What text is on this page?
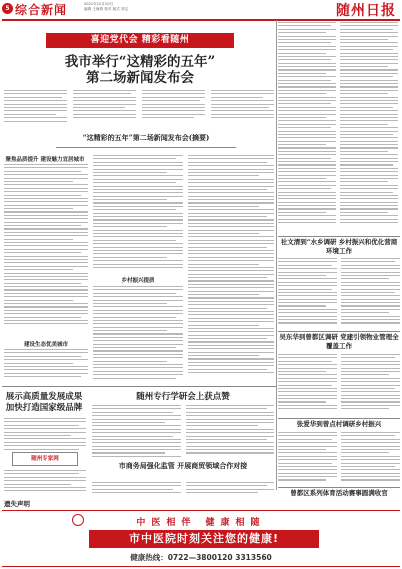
5 综合新闻	2021年12月10日
编辑 王海燕 校对 版式 刘宝	随州日报
喜迎党代会 精彩看随州
我市举行“这精彩的五年”
第二场新闻发布会
“这精彩的五年”第二场新闻发布会(摘要)
聚焦品质提升 建设魅力宜居城市
建设生态优美城市
乡村振兴提质
展示高质量发展成果 加快打造国家级品牌
随州专家网
随州专行学研会上获点赞
市商务局强化监管 开展商贸领域合作对接
社文清到“水乡调研 乡村振兴和优化营商环境工作
吴东华到曾都区调研 党建引领物业管理全覆盖工作
张爱华到曾点村调研乡村振兴
曾都区系列体育活动赛事圆满收官
遗失声明
中医相伴 健康相随
市中医院时刻关注您的健康!
健康热线：0722—3800120 3313560
